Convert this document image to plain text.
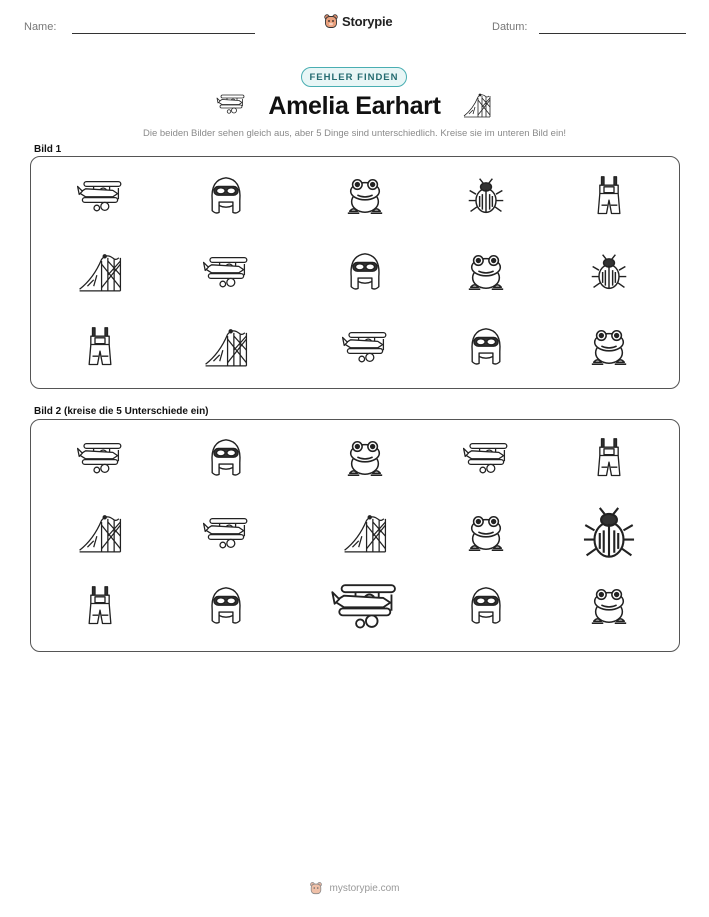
Name:	Storypie	Datum:
FEHLER FINDEN
Amelia Earhart
Die beiden Bilder sehen gleich aus, aber 5 Dinge sind unterschiedlich. Kreise sie im unteren Bild ein!
Bild 1
Bild 2 (kreise die 5 Unterschiede ein)
mystorypie.com
